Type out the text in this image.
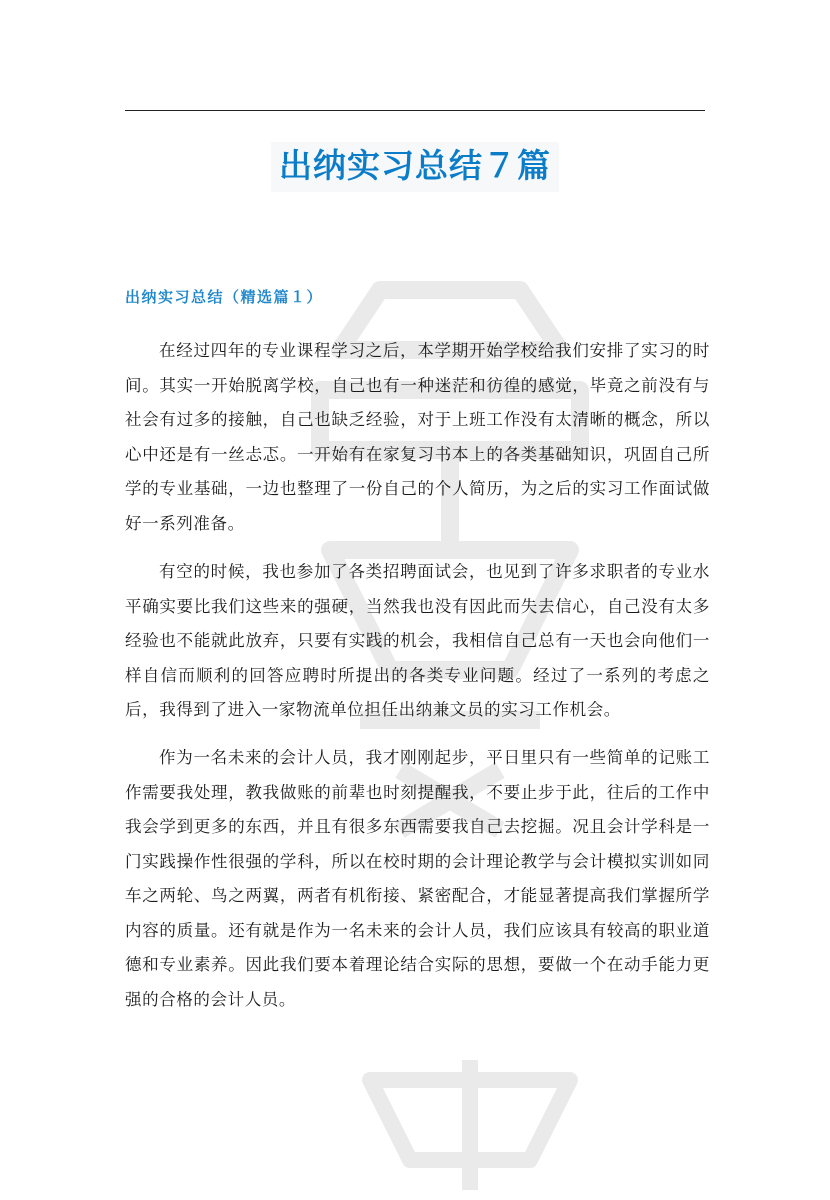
出纳实习总结７篇
出纳实习总结（精选篇１）

在经过四年的专业课程学习之后，本学期开始学校给我们安排了实习的时间。其实一开始脱离学校，自己也有一种迷茫和彷徨的感觉，毕竟之前没有与社会有过多的接触，自己也缺乏经验，对于上班工作没有太清晰的概念，所以心中还是有一丝忐忑。一开始有在家复习书本上的各类基础知识，巩固自己所学的专业基础，一边也整理了一份自己的个人简历，为之后的实习工作面试做好一系列准备。

有空的时候，我也参加了各类招聘面试会，也见到了许多求职者的专业水平确实要比我们这些来的强硬，当然我也没有因此而失去信心，自己没有太多经验也不能就此放弃，只要有实践的机会，我相信自己总有一天也会向他们一样自信而顺利的回答应聘时所提出的各类专业问题。经过了一系列的考虑之后，我得到了进入一家物流单位担任出纳兼文员的实习工作机会。

作为一名未来的会计人员，我才刚刚起步，平日里只有一些简单的记账工作需要我处理，教我做账的前辈也时刻提醒我，不要止步于此，往后的工作中我会学到更多的东西，并且有很多东西需要我自己去挖掘。况且会计学科是一门实践操作性很强的学科，所以在校时期的会计理论教学与会计模拟实训如同车之两轮、鸟之两翼，两者有机衔接、紧密配合，才能显著提高我们掌握所学内容的质量。还有就是作为一名未来的会计人员，我们应该具有较高的职业道德和专业素养。因此我们要本着理论结合实际的思想，要做一个在动手能力更强的合格的会计人员。
